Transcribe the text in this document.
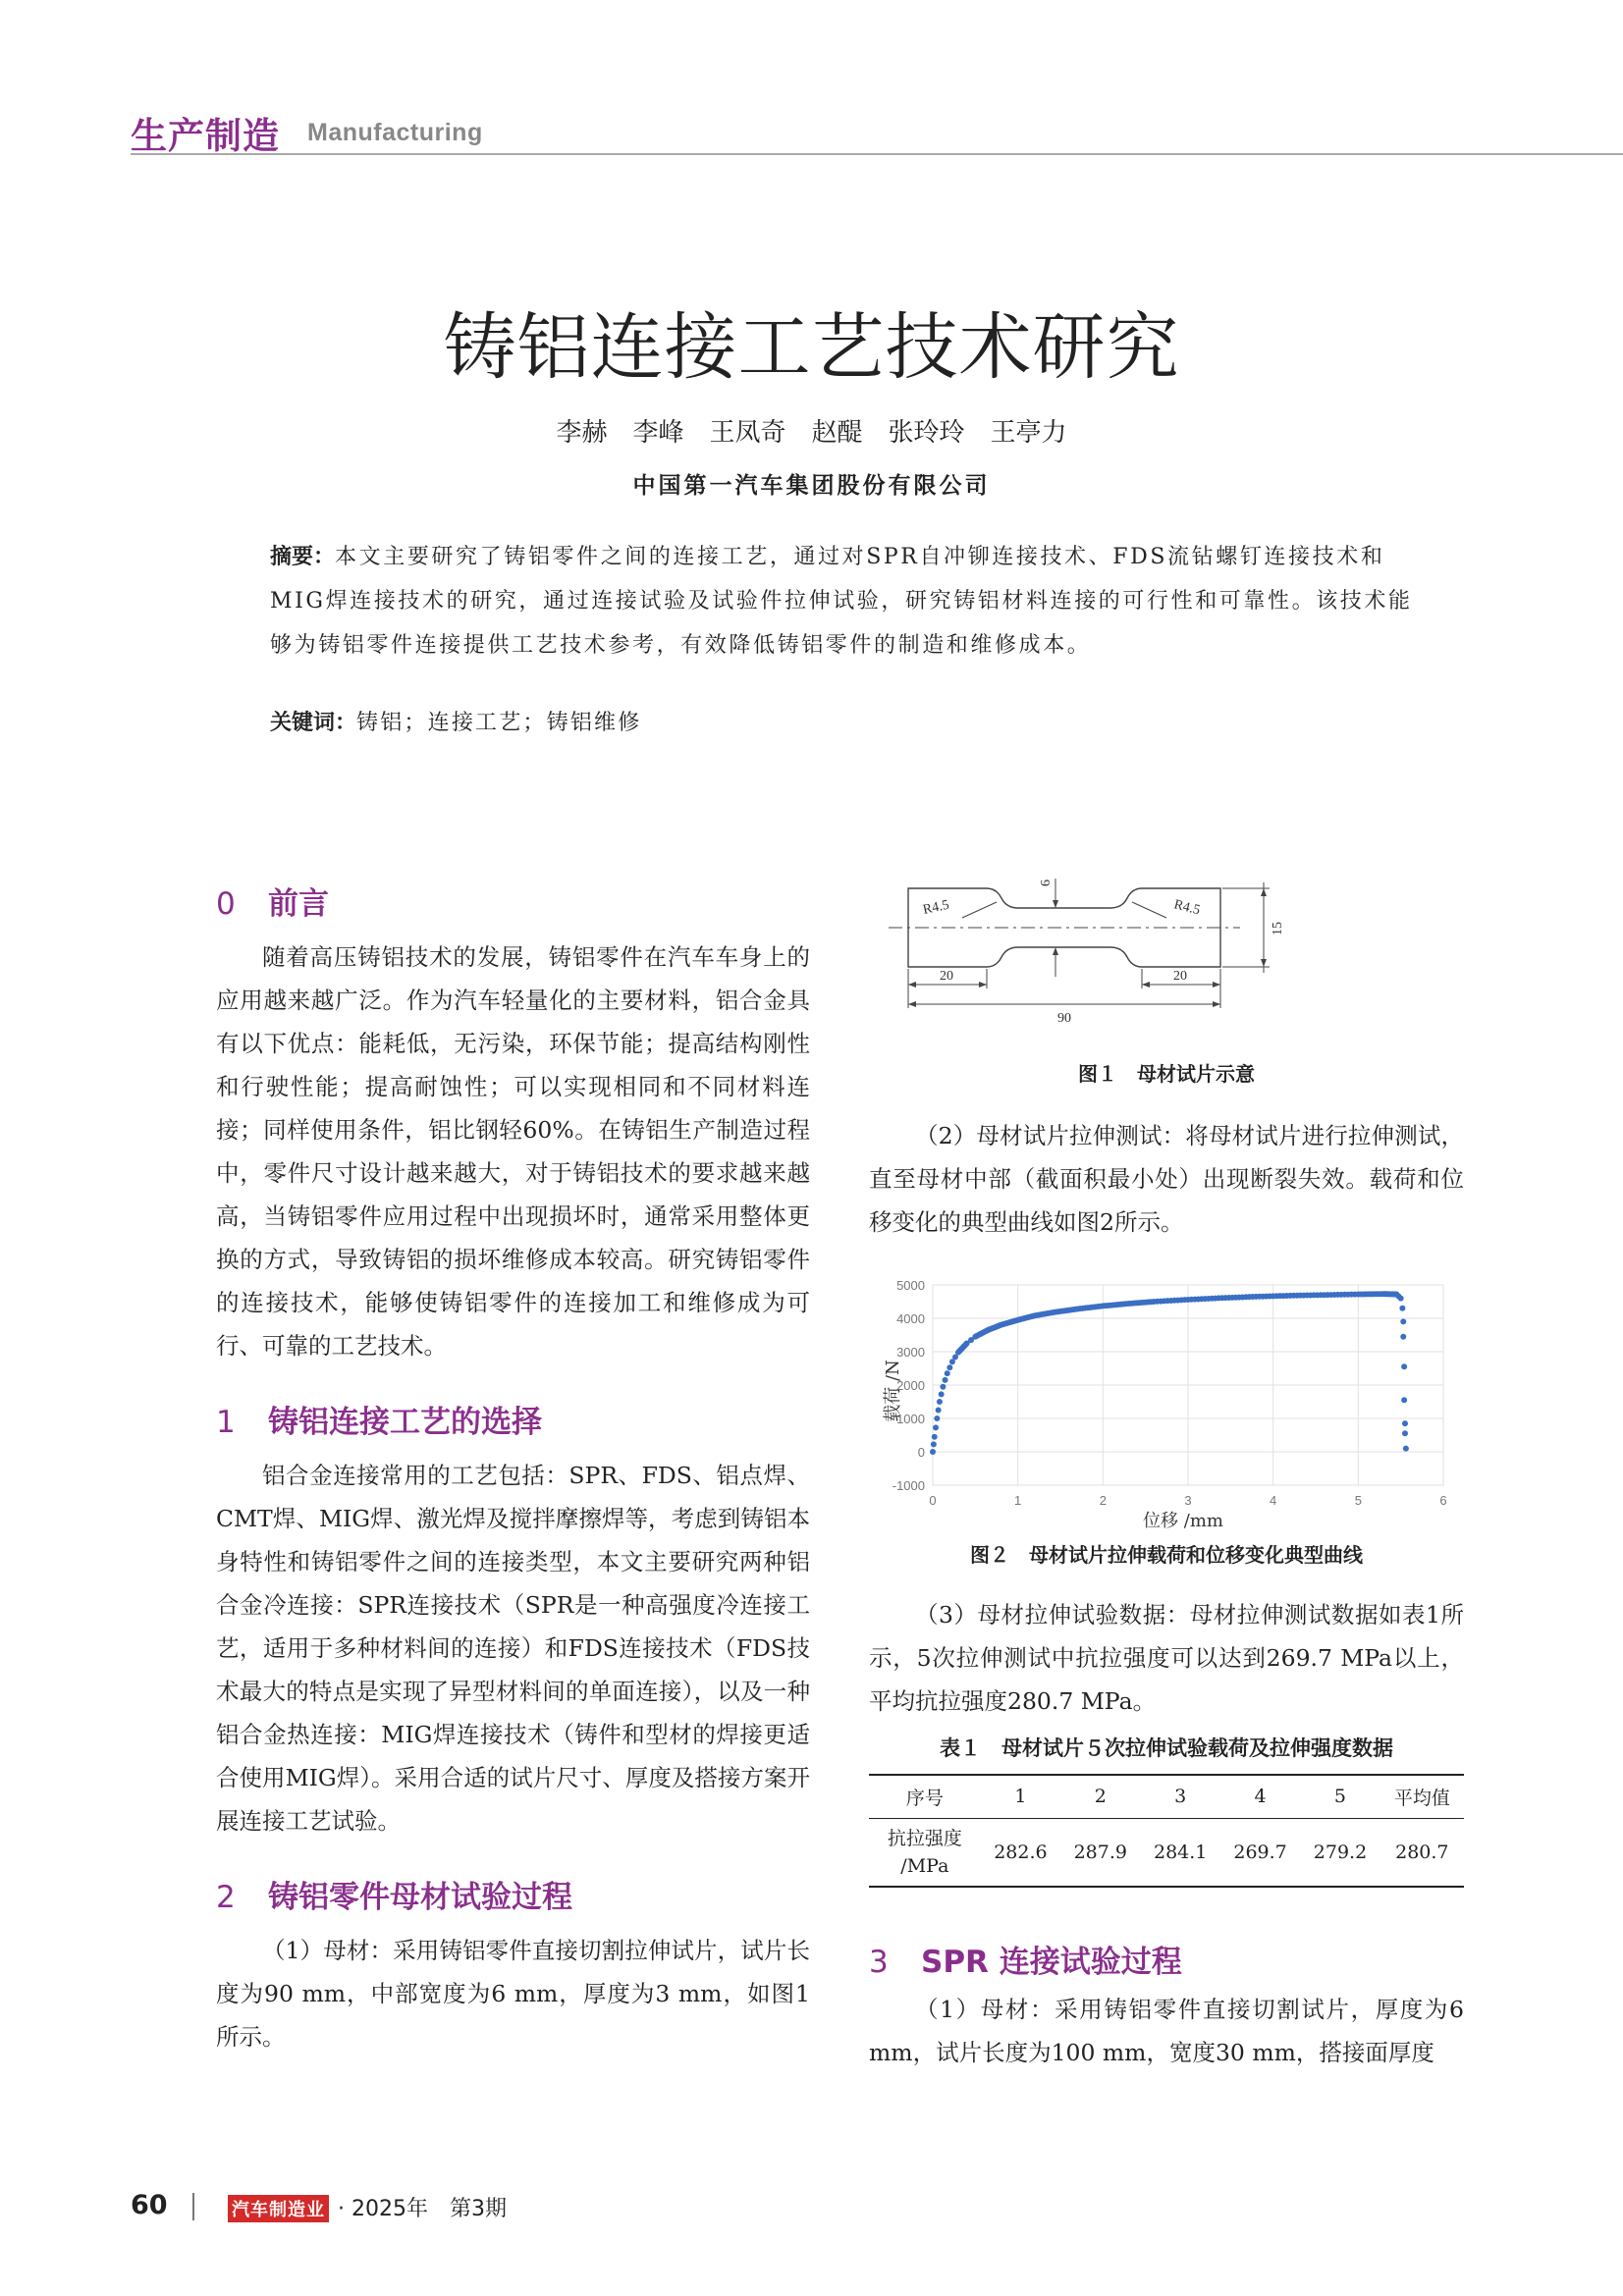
生产制造 Manufacturing
铸铝连接工艺技术研究
李赫　李峰　王凤奇　赵醍　张玲玲　王亭力
中国第一汽车集团股份有限公司
摘要：本文主要研究了铸铝零件之间的连接工艺，通过对SPR自冲铆连接技术、FDS流钻螺钉连接技术和MIG焊连接技术的研究，通过连接试验及试验件拉伸试验，研究铸铝材料连接的可行性和可靠性。该技术能够为铸铝零件连接提供工艺技术参考，有效降低铸铝零件的制造和维修成本。
关键词：铸铝；连接工艺；铸铝维修
0 前言

随着高压铸铝技术的发展，铸铝零件在汽车车身上的应用越来越广泛。作为汽车轻量化的主要材料，铝合金具有以下优点：能耗低，无污染，环保节能；提高结构刚性和行驶性能；提高耐蚀性；可以实现相同和不同材料连接；同样使用条件，铝比钢轻60%。在铸铝生产制造过程中，零件尺寸设计越来越大，对于铸铝技术的要求越来越高，当铸铝零件应用过程中出现损坏时，通常采用整体更换的方式，导致铸铝的损坏维修成本较高。研究铸铝零件的连接技术，能够使铸铝零件的连接加工和维修成为可行、可靠的工艺技术。

1 铸铝连接工艺的选择

铝合金连接常用的工艺包括：SPR、FDS、铝点焊、CMT焊、MIG焊、激光焊及搅拌摩擦焊等，考虑到铸铝本身特性和铸铝零件之间的连接类型，本文主要研究两种铝合金冷连接：SPR连接技术（SPR是一种高强度冷连接工艺，适用于多种材料间的连接）和FDS连接技术（FDS技术最大的特点是实现了异型材料间的单面连接），以及一种铝合金热连接：MIG焊连接技术（铸件和型材的焊接更适合使用MIG焊）。采用合适的试片尺寸、厚度及搭接方案开展连接工艺试验。

2 铸铝零件母材试验过程

（1）母材：采用铸铝零件直接切割拉伸试片，试片长度为90 mm，中部宽度为6 mm，厚度为3 mm，如图1所示。

R4.5	R4.5
6
15
20	20
90
图１　母材试片示意

（2）母材试片拉伸测试：将母材试片进行拉伸测试，直至母材中部（截面积最小处）出现断裂失效。载荷和位移变化的典型曲线如图2所示。

0	1	2	3	4	5	6
-1000
0
1000
2000
3000
4000
5000
载荷 /N
位移 /mm
图２　母材试片拉伸载荷和位移变化典型曲线

（3）母材拉伸试验数据：母材拉伸测试数据如表1所示，5次拉伸测试中抗拉强度可以达到269.7 MPa以上，平均抗拉强度280.7 MPa。

表１　母材试片５次拉伸试验载荷及拉伸强度数据
序号	1	2	3	4	5	平均值
抗拉强度
/MPa	282.6	287.9	284.1	269.7	279.2	280.7
3 SPR 连接试验过程

（1）母材：采用铸铝零件直接切割试片，厚度为6 mm，试片长度为100 mm，宽度30 mm，搭接面厚度

60	汽车制造业 · 2025年　第3期
